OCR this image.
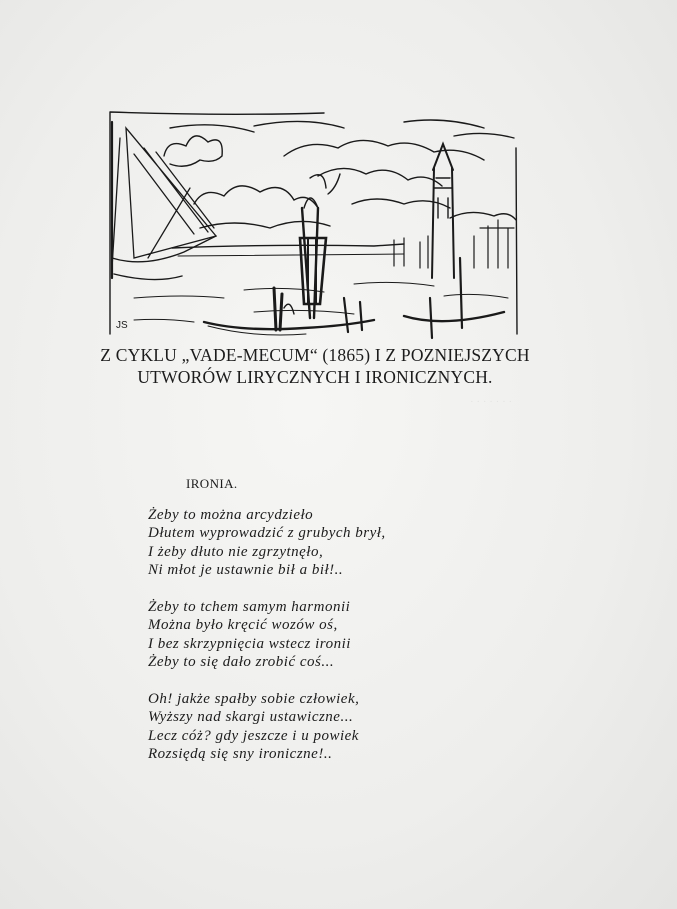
· · · · · · ·
JS
Z CYKLU „VADE-MECUM“ (1865) I Z POZNIEJSZYCH
UTWORÓW LIRYCZNYCH I IRONICZNYCH.
IRONIA.
Żeby to można arcydzieło
Dłutem wyprowadzić z grubych brył,
I żeby dłuto nie zgrzytnęło,
Ni młot je ustawnie bił a bił!..
Żeby to tchem samym harmonii
Można było kręcić wozów oś,
I bez skrzypnięcia wstecz ironii
Żeby to się dało zrobić coś...
Oh! jakże spałby sobie człowiek,
Wyższy nad skargi ustawiczne...
Lecz cóż? gdy jeszcze i u powiek
Rozsiędą się sny ironiczne!..
